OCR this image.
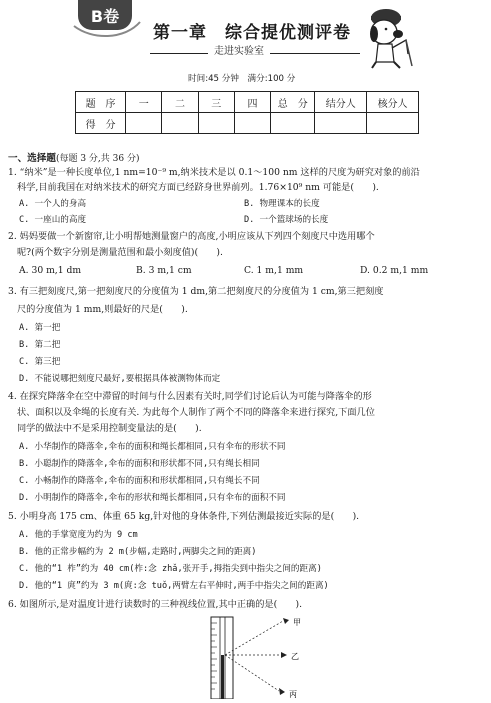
B卷
第一章　综合提优测评卷
走进实验室
时间:45 分钟　满分:100 分
题　序	一	二	三	四	总　分	结分人	核分人
得　分							
一、选择题(每题 3 分,共 36 分)
1. “纳米”是一种长度单位,1 nm=10⁻⁹ m,纳米技术是以 0.1～100 nm 这样的尺度为研究对象的前沿
科学,目前我国在对纳米技术的研究方面已经跻身世界前列。1.76×10⁹ nm 可能是(　　).
A. 一个人的身高	B. 物理课本的长度
C. 一座山的高度	D. 一个篮球场的长度
2. 妈妈要做一个新窗帘,让小明帮她测量窗户的高度,小明应该从下列四个刻度尺中选用哪个
呢?(两个数字分别是测量范围和最小刻度值)(　　).
A. 30 m,1 dm	B. 3 m,1 cm	C. 1 m,1 mm	D. 0.2 m,1 mm
3. 有三把刻度尺,第一把刻度尺的分度值为 1 dm,第二把刻度尺的分度值为 1 cm,第三把刻度
尺的分度值为 1 mm,则最好的尺是(　　).
A. 第一把
B. 第二把
C. 第三把
D. 不能说哪把刻度尺最好,要根据具体被测物体而定
4. 在探究降落伞在空中滞留的时间与什么因素有关时,同学们讨论后认为可能与降落伞的形
状、面积以及伞绳的长度有关. 为此每个人制作了两个不同的降落伞来进行探究,下面几位
同学的做法中不是采用控制变量法的是(　　).
A. 小华制作的降落伞,伞布的面积和绳长都相同,只有伞布的形状不同
B. 小聪制作的降落伞,伞布的面积和形状都不同,只有绳长相同
C. 小畅制作的降落伞,伞布的面积和形状都相同,只有绳长不同
D. 小明制作的降落伞,伞布的形状和绳长都相同,只有伞布的面积不同
5. 小明身高 175 cm、体重 65 kg,针对他的身体条件,下列估测最接近实际的是(　　).
A. 他的手掌宽度为约为 9 cm
B. 他的正常步幅约为 2 m(步幅,走路时,两脚尖之间的距离)
C. 他的“1 柞”约为 40 cm(柞:念 zhǎ,张开手,拇指尖到中指尖之间的距离)
D. 他的“1 庹”约为 3 m(庹:念 tuǒ,两臂左右平伸时,两手中指尖之间的距离)
6. 如图所示,是对温度计进行读数时的三种视线位置,其中正确的是(　　).
甲
乙
丙
